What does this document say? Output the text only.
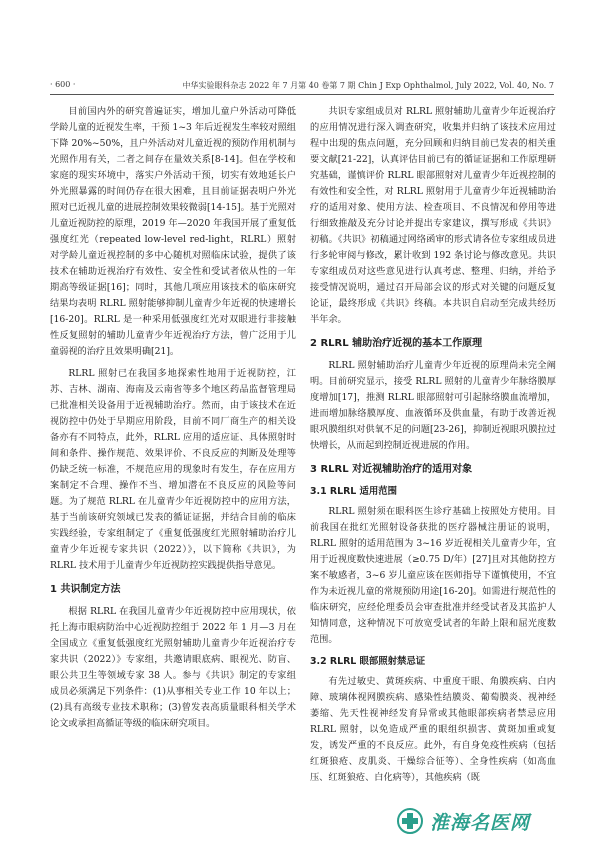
· 600 ·	中华实验眼科杂志 2022 年 7 月第 40 卷第 7 期 Chin J Exp Ophthalmol, July 2022, Vol. 40, No. 7

目前国内外的研究普遍证实，增加儿童户外活动可降低学龄儿童的近视发生率，干预 1~3 年后近视发生率较对照组下降 20%~50%，且户外活动对儿童近视的预防作用机制与光照作用有关，二者之间存在量效关系[8-14]。但在学校和家庭的现实环境中，落实户外活动干预，切实有效地延长户外光照暴露的时间仍存在很大困难，且目前证据表明户外光照对已近视儿童的进展控制效果较微弱[14-15]。基于光照对儿童近视防控的原理，2019 年—2020 年我国开展了重复低强度红光（repeated low-level red-light，RLRL）照射对学龄儿童近视控制的多中心随机对照临床试验，提供了该技术在辅助近视治疗有效性、安全性和受试者依从性的一年期高等级证据[16]；同时，其他几项应用该技术的临床研究结果均表明 RLRL 照射能够抑制儿童青少年近视的快速增长[16-20]。RLRL 是一种采用低强度红光对双眼进行非接触性反复照射的辅助儿童青少年近视治疗方法，曾广泛用于儿童弱视的治疗且效果明确[21]。

RLRL 照射已在我国多地探索性地用于近视防控，江苏、吉林、湖南、海南及云南省等多个地区药品监督管理局已批准相关设备用于近视辅助治疗。然而，由于该技术在近视防控中仍处于早期应用阶段，目前不同厂商生产的相关设备亦有不同特点，此外，RLRL 应用的适应证、具体照射时间和条件、操作规范、效果评价、不良反应的判断及处理等仍缺乏统一标准，不规范应用的现象时有发生，存在应用方案制定不合理、操作不当、增加潜在不良反应的风险等问题。为了规范 RLRL 在儿童青少年近视防控中的应用方法，基于当前该研究领域已发表的循证证据，并结合目前的临床实践经验，专家组制定了《重复低强度红光照射辅助治疗儿童青少年近视专家共识（2022）》，以下简称《共识》，为 RLRL 技术用于儿童青少年近视防控实践提供指导意见。

1 共识制定方法

根据 RLRL 在我国儿童青少年近视防控中应用现状，依托上海市眼病防治中心近视防控组于 2022 年 1 月—3 月在全国成立《重复低强度红光照射辅助儿童青少年近视治疗专家共识（2022）》专家组，共邀请眼底病、眼视光、防盲、眼公共卫生等领域专家 38 人。参与《共识》制定的专家组成员必须满足下列条件：(1)从事相关专业工作 10 年以上；(2)具有高级专业技术职称；(3)曾发表高质量眼科相关学术论文或承担高循证等级的临床研究项目。

共识专家组成员对 RLRL 照射辅助儿童青少年近视治疗的应用情况进行深入调查研究，收集并归纳了该技术应用过程中出现的焦点问题，充分回顾和归纳目前已发表的相关重要文献[21-22]，认真评估目前已有的循证证据和工作原理研究基础，谨慎评价 RLRL 眼部照射对儿童青少年近视控制的有效性和安全性，对 RLRL 照射用于儿童青少年近视辅助治疗的适用对象、使用方法、检查项目、不良情况和停用等进行细致推敲及充分讨论并提出专家建议，撰写形成《共识》初稿。《共识》初稿通过网络函审的形式请各位专家组成员进行多轮审阅与修改，累计收到 192 条讨论与修改意见。共识专家组成员对这些意见进行认真考虑、整理、归纳，并给予接受情况说明，通过召开局部会议的形式对关键的问题反复论证，最终形成《共识》终稿。本共识自启动至完成共经历半年余。

2 RLRL 辅助治疗近视的基本工作原理

RLRL 照射辅助治疗儿童青少年近视的原理尚未完全阐明。目前研究显示，接受 RLRL 照射的儿童青少年脉络膜厚度增加[17]，推测 RLRL 眼部照射可引起脉络膜血流增加，进而增加脉络膜厚度、血液循环及供血量，有助于改善近视眼巩膜组织对供氧不足的问题[23-26]，抑制近视眼巩膜拉过快增长，从而起到控制近视进展的作用。

3 RLRL 对近视辅助治疗的适用对象
3.1 RLRL 适用范围

RLRL 照射须在眼科医生诊疗基础上按照处方使用。目前我国在批红光照射设备获批的医疗器械注册证的说明，RLRL 照射的适用范围为 3~16 岁近视相关儿童青少年，宜用于近视度数快速进展（≥0.75 D/年）[27]且对其他防控方案不敏感者，3~6 岁儿童应该在医师指导下谨慎使用，不宜作为未近视儿童的常规预防用途[16-20]。如需进行规范性的临床研究，应经伦理委员会审查批准并经受试者及其监护人知情同意，这种情况下可放宽受试者的年龄上限和屈光度数范围。

3.2 RLRL 眼部照射禁忌证

有先过敏史、黄斑疾病、中重度干眼、角膜疾病、白内障、玻璃体视网膜疾病、感染性结膜炎、葡萄膜炎、视神经萎缩、先天性视神经发育异常或其他眼部疾病者禁忌应用 RLRL 照射，以免造成严重的眼组织损害、黄斑加重或复发，诱发严重的不良反应。此外，有自身免疫性疾病（包括红斑狼疮、皮肌炎、干燥综合征等）、全身性疾病（如高血压、红斑狼疮、白化病等），其他疾病（既

淮海名医网
